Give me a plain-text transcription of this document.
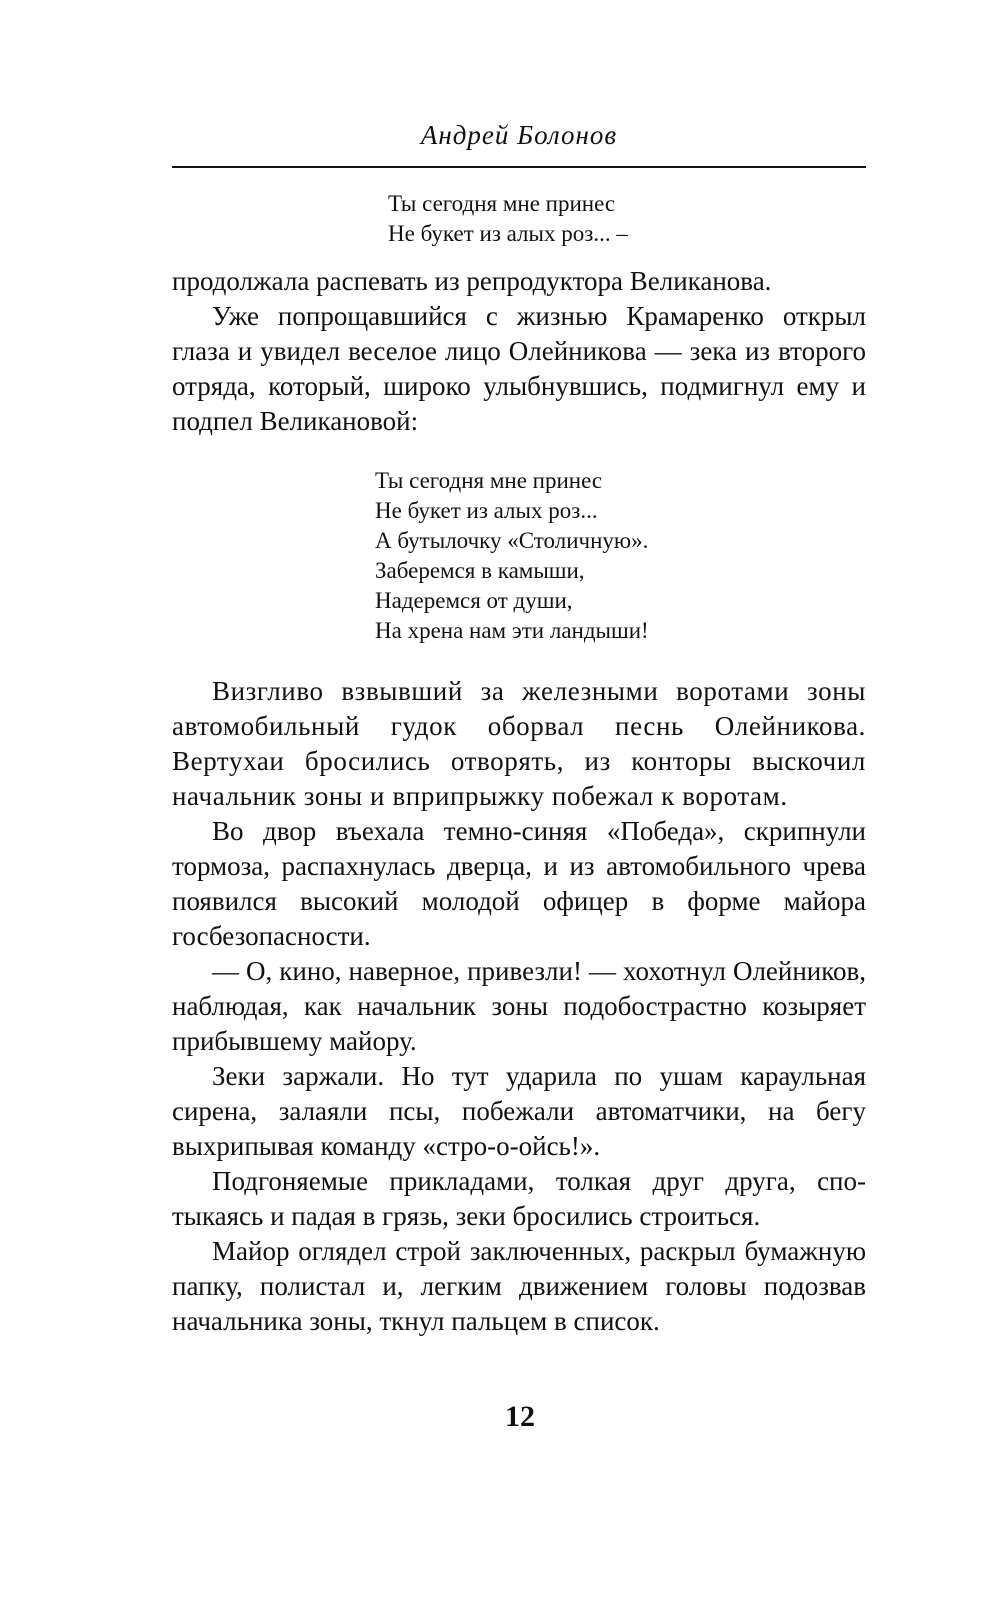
Андрей Болонов
Ты сегодня мне принес
Не букет из алых роз... –

продолжала распевать из репродуктора Великанова.

Уже попрощавшийся с жизнью Крамаренко открыл глаза и увидел веселое лицо Олейникова — зека из второго отряда, который, широко улыбнувшись, подмигнул ему и подпел Великановой:

Ты сегодня мне принес
Не букет из алых роз...
А бутылочку «Столичную».
Заберемся в камыши,
Надеремся от души,
На хрена нам эти ландыши!

Визгливо взвывший за железными воротами зоны автомобильный гудок оборвал песнь Олейникова. Вертухаи бросились отворять, из конторы выскочил начальник зоны и вприпрыжку побежал к воротам.

Во двор въехала темно-синяя «Победа», скрипнули тормоза, распахнулась дверца, и из автомобильного чрева появился высокий молодой офицер в форме майора госбезопасности.

— О, кино, наверное, привезли! — хохотнул Олейников, наблюдая, как начальник зоны подобострастно козыряет прибывшему майору.

Зеки заржали. Но тут ударила по ушам караульная сирена, залаяли псы, побежали автоматчики, на бегу выхрипывая команду «стро-о-ойсь!».

Подгоняемые прикладами, толкая друг друга, спотыкаясь и падая в грязь, зеки бросились строиться.

Майор оглядел строй заключенных, раскрыл бумажную папку, полистал и, легким движением головы подозвав начальника зоны, ткнул пальцем в список.

12
